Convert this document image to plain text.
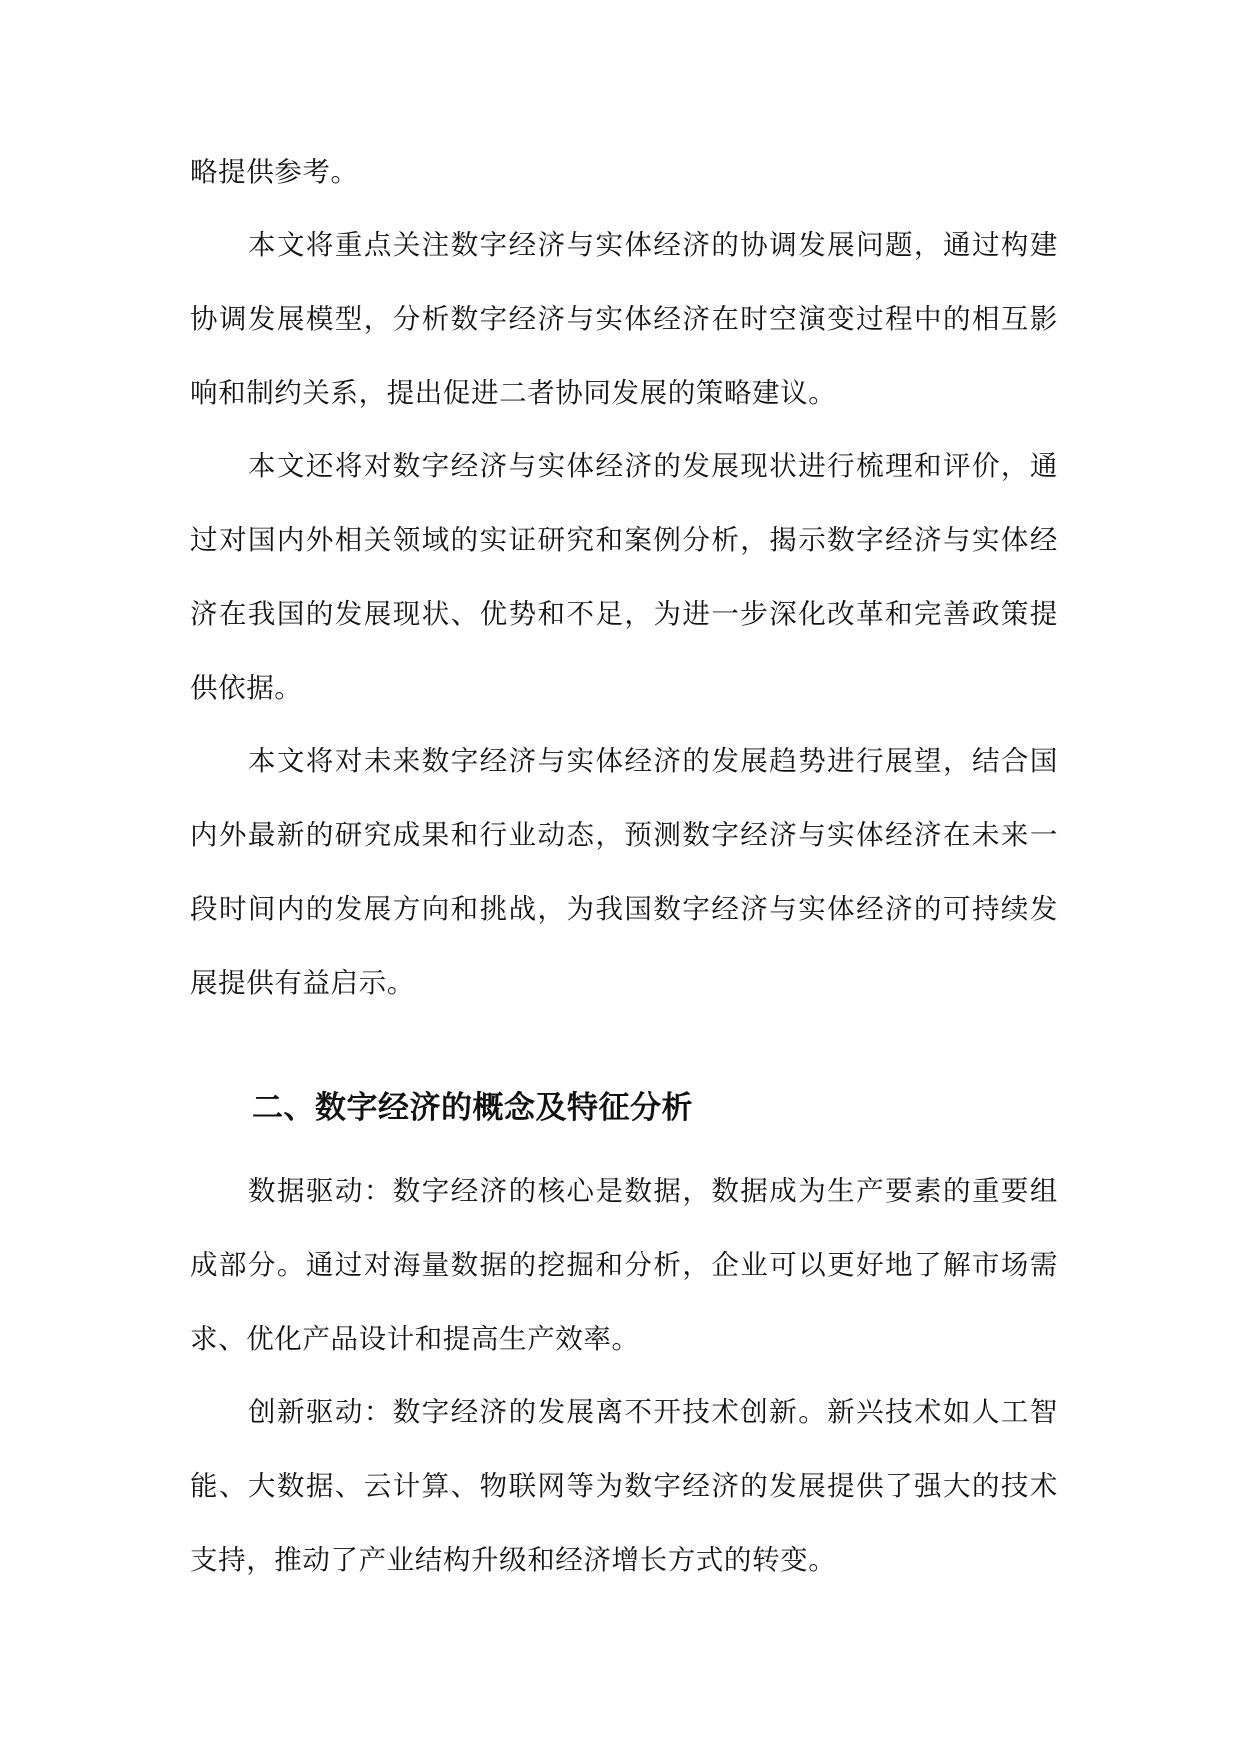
略提供参考。

本文将重点关注数字经济与实体经济的协调发展问题，通过构建协调发展模型，分析数字经济与实体经济在时空演变过程中的相互影响和制约关系，提出促进二者协同发展的策略建议。

本文还将对数字经济与实体经济的发展现状进行梳理和评价，通过对国内外相关领域的实证研究和案例分析，揭示数字经济与实体经济在我国的发展现状、优势和不足，为进一步深化改革和完善政策提供依据。

本文将对未来数字经济与实体经济的发展趋势进行展望，结合国内外最新的研究成果和行业动态，预测数字经济与实体经济在未来一段时间内的发展方向和挑战，为我国数字经济与实体经济的可持续发展提供有益启示。

二、数字经济的概念及特征分析

数据驱动：数字经济的核心是数据，数据成为生产要素的重要组成部分。通过对海量数据的挖掘和分析，企业可以更好地了解市场需求、优化产品设计和提高生产效率。

创新驱动：数字经济的发展离不开技术创新。新兴技术如人工智能、大数据、云计算、物联网等为数字经济的发展提供了强大的技术支持，推动了产业结构升级和经济增长方式的转变。
